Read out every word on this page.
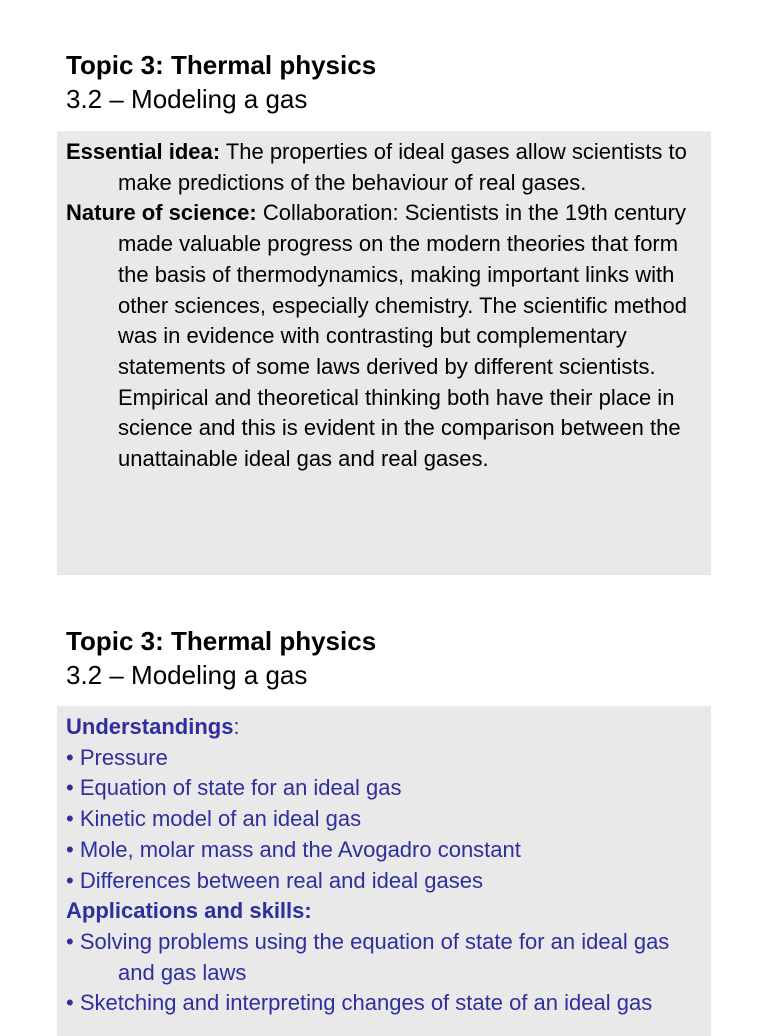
Topic 3: Thermal physics

3.2 – Modeling a gas

Essential idea: The properties of ideal gases allow scientists to make predictions of the behaviour of real gases.

Nature of science: Collaboration: Scientists in the 19th century made valuable progress on the modern theories that form the basis of thermodynamics, making important links with other sciences, especially chemistry. The scientific method was in evidence with contrasting but complementary statements of some laws derived by different scientists. Empirical and theoretical thinking both have their place in science and this is evident in the comparison between the unattainable ideal gas and real gases.

Topic 3: Thermal physics

3.2 – Modeling a gas

Understandings:

• Pressure
• Equation of state for an ideal gas
• Kinetic model of an ideal gas
• Mole, molar mass and the Avogadro constant
• Differences between real and ideal gases

Applications and skills:

• Solving problems using the equation of state for an ideal gas and gas laws
• Sketching and interpreting changes of state of an ideal gas
